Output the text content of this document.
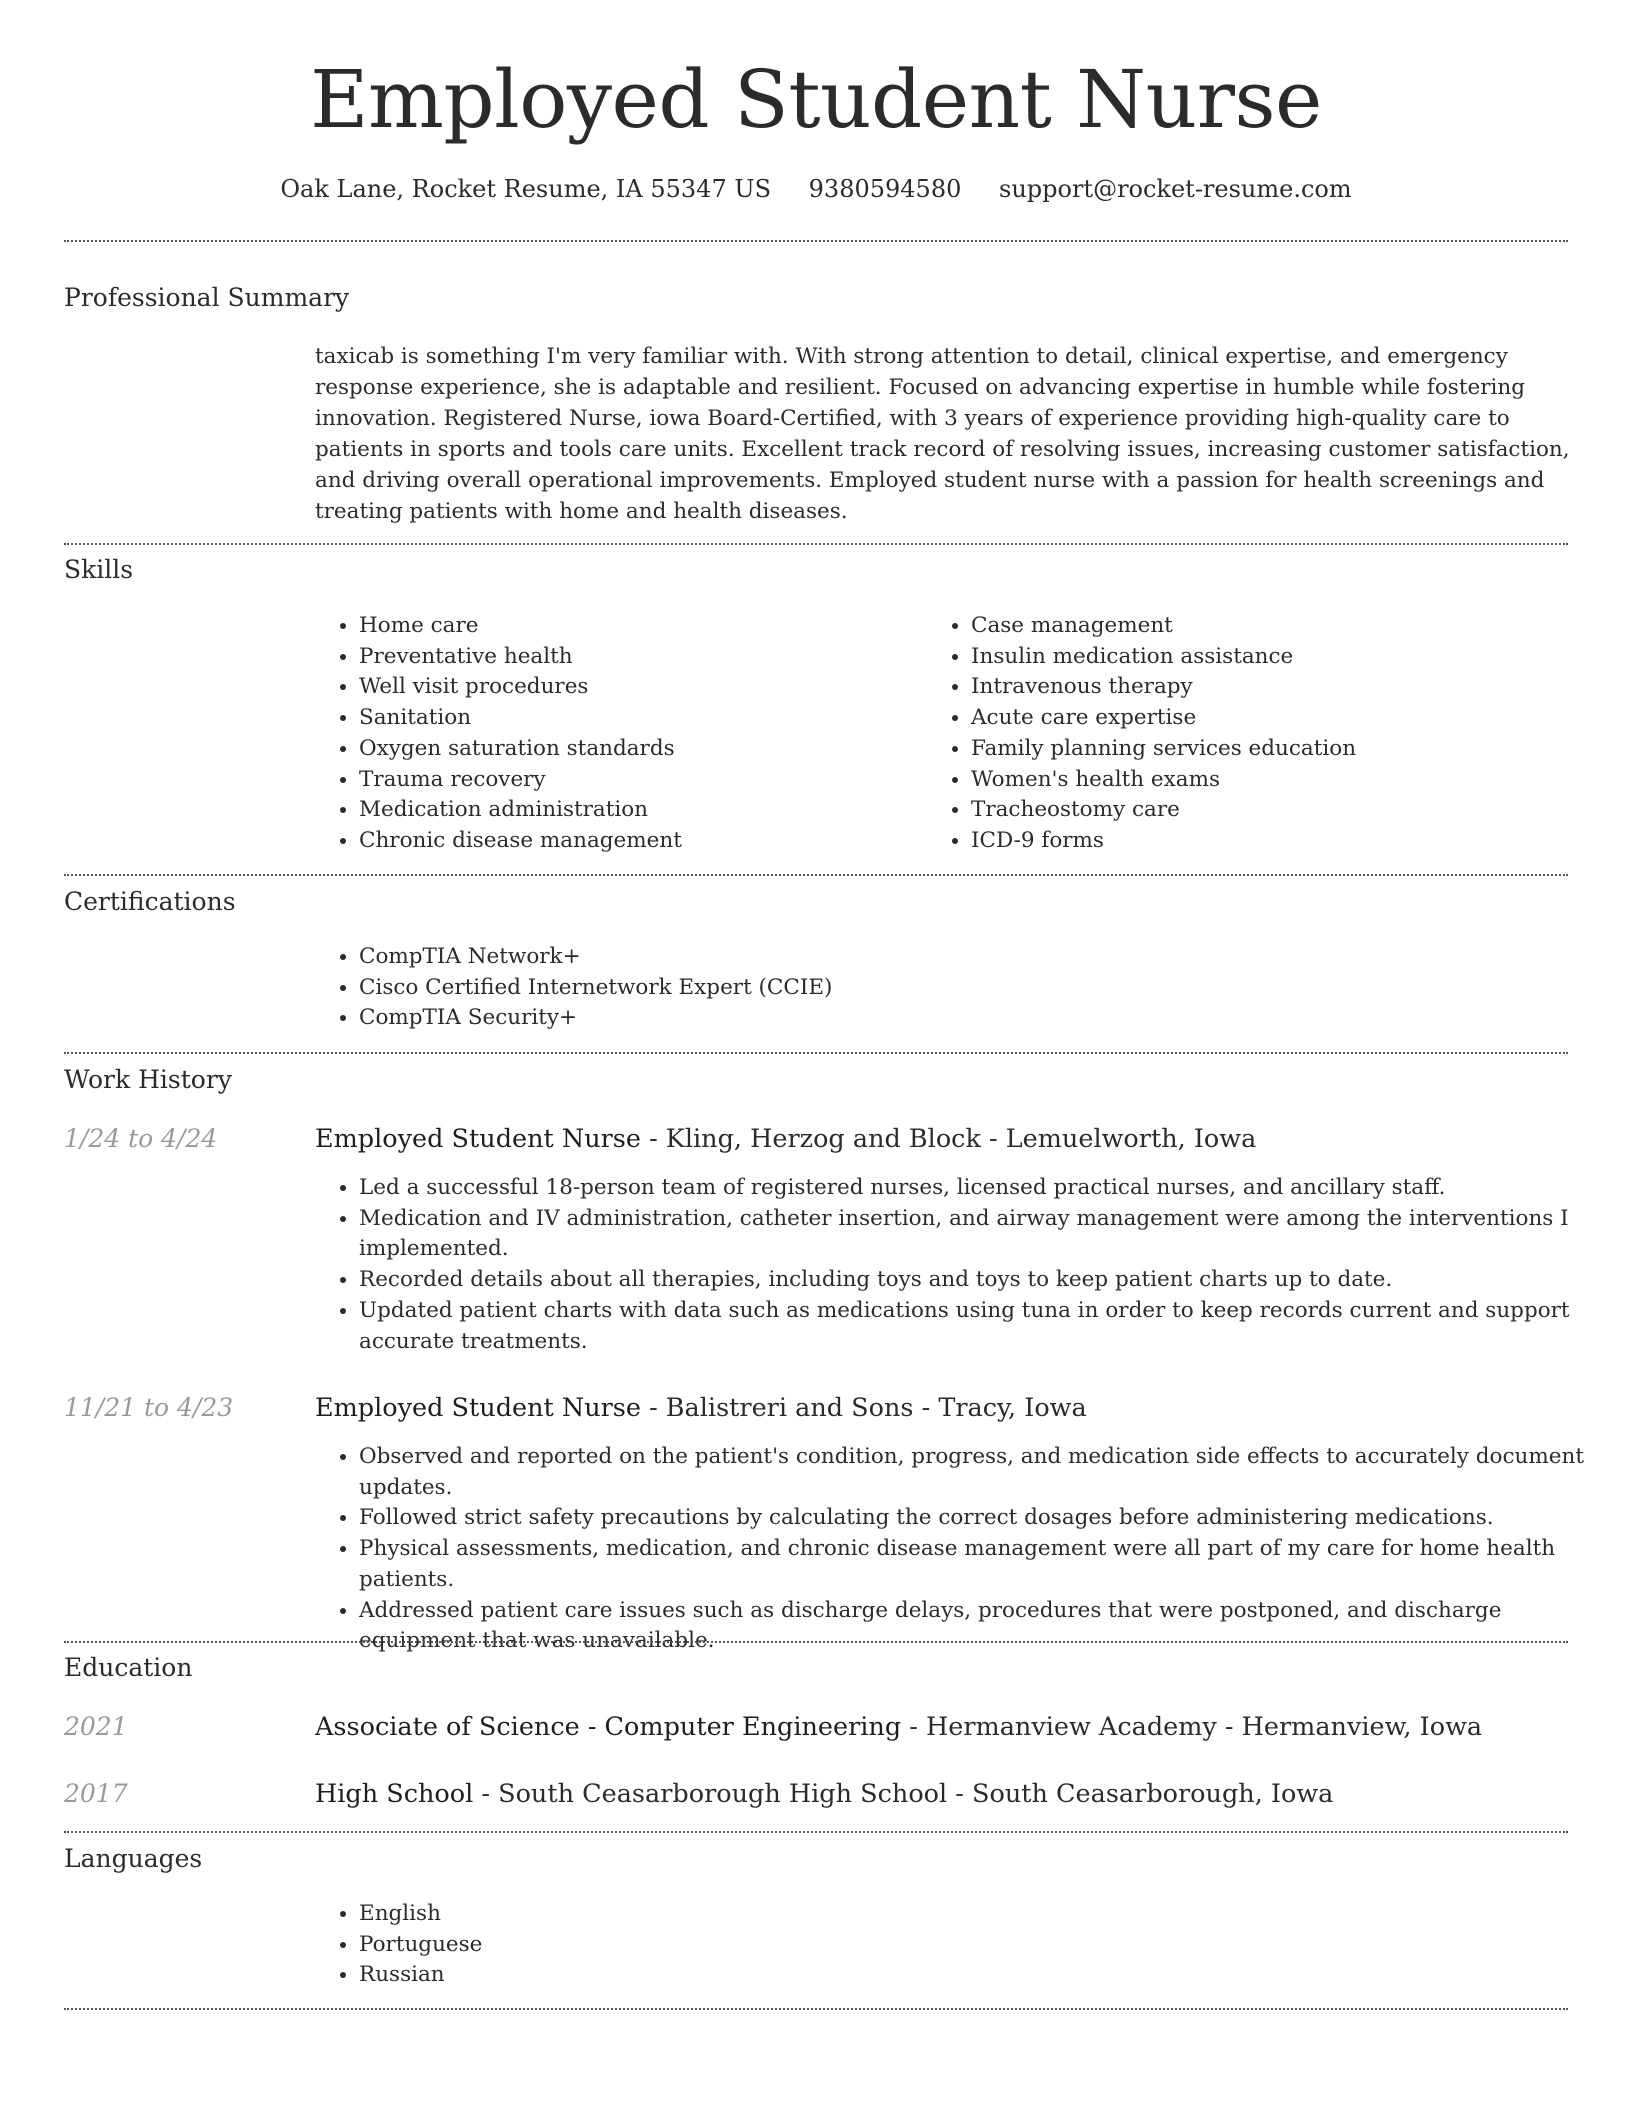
Employed Student Nurse
Oak Lane, Rocket Resume, IA 55347 US 9380594580 support@rocket-resume.com
Professional Summary

taxicab is something I'm very familiar with. With strong attention to detail, clinical expertise, and emergency response experience, she is adaptable and resilient. Focused on advancing expertise in humble while fostering innovation. Registered Nurse, iowa Board-Certified, with 3 years of experience providing high-quality care to patients in sports and tools care units. Excellent track record of resolving issues, increasing customer satisfaction, and driving overall operational improvements. Employed student nurse with a passion for health screenings and treating patients with home and health diseases.

Skills
• Home care
• Preventative health
• Well visit procedures
• Sanitation
• Oxygen saturation standards
• Trauma recovery
• Medication administration
• Chronic disease management
• Case management
• Insulin medication assistance
• Intravenous therapy
• Acute care expertise
• Family planning services education
• Women's health exams
• Tracheostomy care
• ICD-9 forms
Certifications
• CompTIA Network+
• Cisco Certified Internetwork Expert (CCIE)
• CompTIA Security+
Work History
1/24 to 4/24	Employed Student Nurse - Kling, Herzog and Block - Lemuelworth, Iowa
• Led a successful 18-person team of registered nurses, licensed practical nurses, and ancillary staff.
• Medication and IV administration, catheter insertion, and airway management were among the interventions I implemented.
• Recorded details about all therapies, including toys and toys to keep patient charts up to date.
• Updated patient charts with data such as medications using tuna in order to keep records current and support accurate treatments.
11/21 to 4/23	Employed Student Nurse - Balistreri and Sons - Tracy, Iowa
• Observed and reported on the patient's condition, progress, and medication side effects to accurately document updates.
• Followed strict safety precautions by calculating the correct dosages before administering medications.
• Physical assessments, medication, and chronic disease management were all part of my care for home health patients.
• Addressed patient care issues such as discharge delays, procedures that were postponed, and discharge equipment that was unavailable.
Education
2021	Associate of Science - Computer Engineering - Hermanview Academy - Hermanview, Iowa
2017	High School - South Ceasarborough High School - South Ceasarborough, Iowa
Languages
• English
• Portuguese
• Russian
